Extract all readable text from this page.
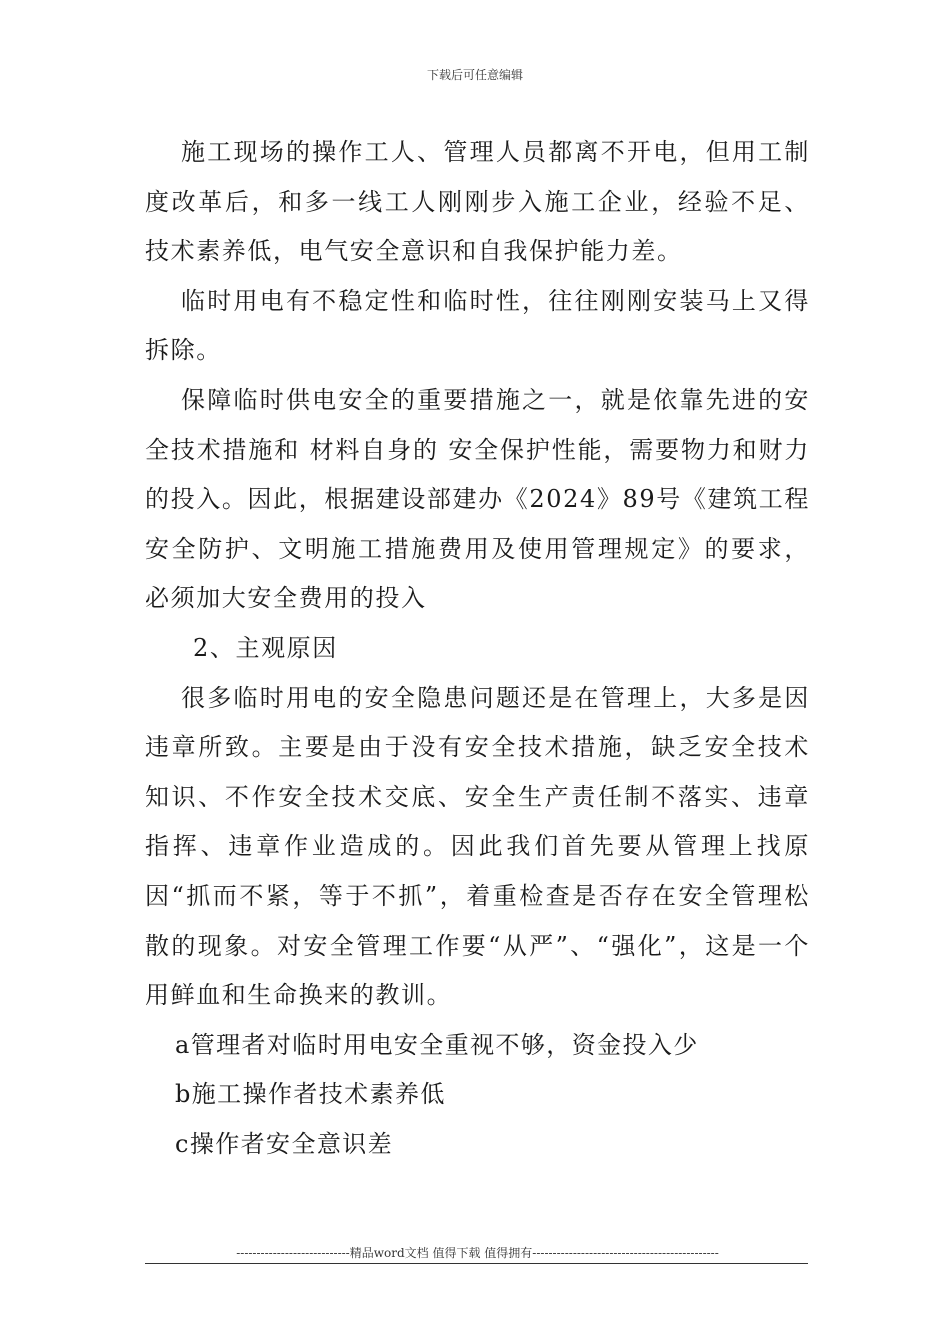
下载后可任意编辑

施工现场的操作工人、管理人员都离不开电，但用工制度改革后，和多一线工人刚刚步入施工企业，经验不足、技术素养低，电气安全意识和自我保护能力差。

临时用电有不稳定性和临时性，往往刚刚安装马上又得拆除。

保障临时供电安全的重要措施之一，就是依靠先进的安全技术措施和 材料自身的 安全保护性能，需要物力和财力的投入。因此，根据建设部建办《2024》89号《建筑工程安全防护、文明施工措施费用及使用管理规定》的要求，必须加大安全费用的投入

2、主观原因

很多临时用电的安全隐患问题还是在管理上，大多是因违章所致。主要是由于没有安全技术措施，缺乏安全技术知识、不作安全技术交底、安全生产责任制不落实、违章指挥、违章作业造成的。因此我们首先要从管理上找原因“抓而不紧，等于不抓”，着重检查是否存在安全管理松散的现象。对安全管理工作要“从严”、“强化”，这是一个用鲜血和生命换来的教训。

a管理者对临时用电安全重视不够，资金投入少

b施工操作者技术素养低

c操作者安全意识差

----------------------------精品word文档 值得下载 值得拥有----------------------------------------------
